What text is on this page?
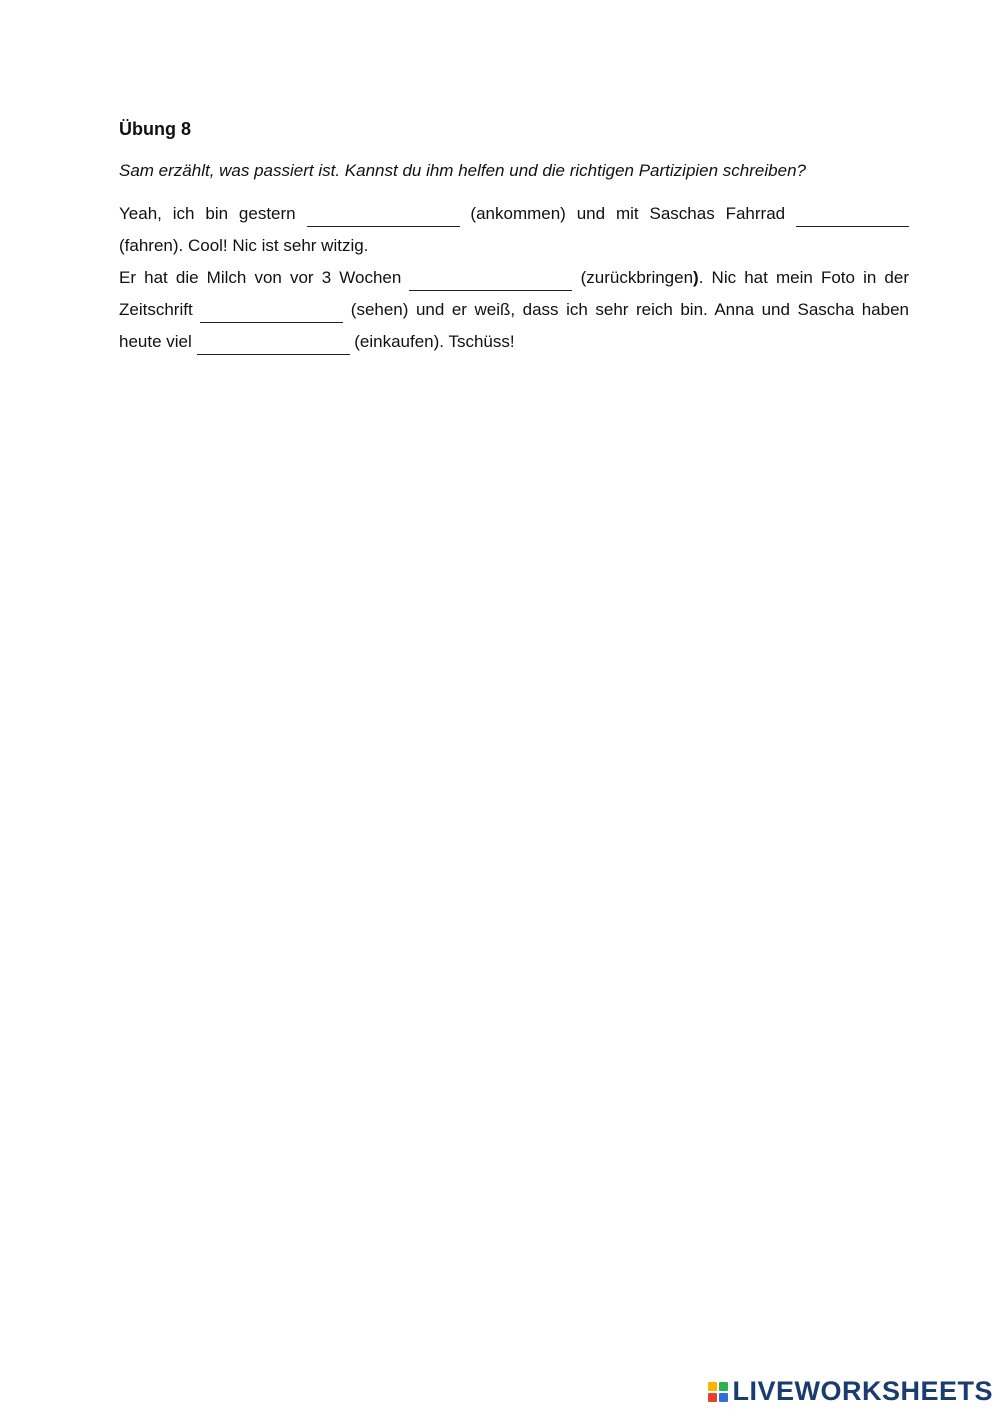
Übung 8

Sam erzählt, was passiert ist. Kannst du ihm helfen und die richtigen Partizipien schreiben?

Yeah, ich bin gestern	(ankommen) und mit Saschas Fahrrad
(fahren). Cool! Nic ist sehr witzig.
Er hat die Milch von vor 3 Wochen	(zurückbringen). Nic hat mein Foto in der
Zeitschrift	(sehen) und er weiß, dass ich sehr reich bin. Anna und Sascha haben
heute viel	(einkaufen). Tschüss!
LIVEWORKSHEETS
